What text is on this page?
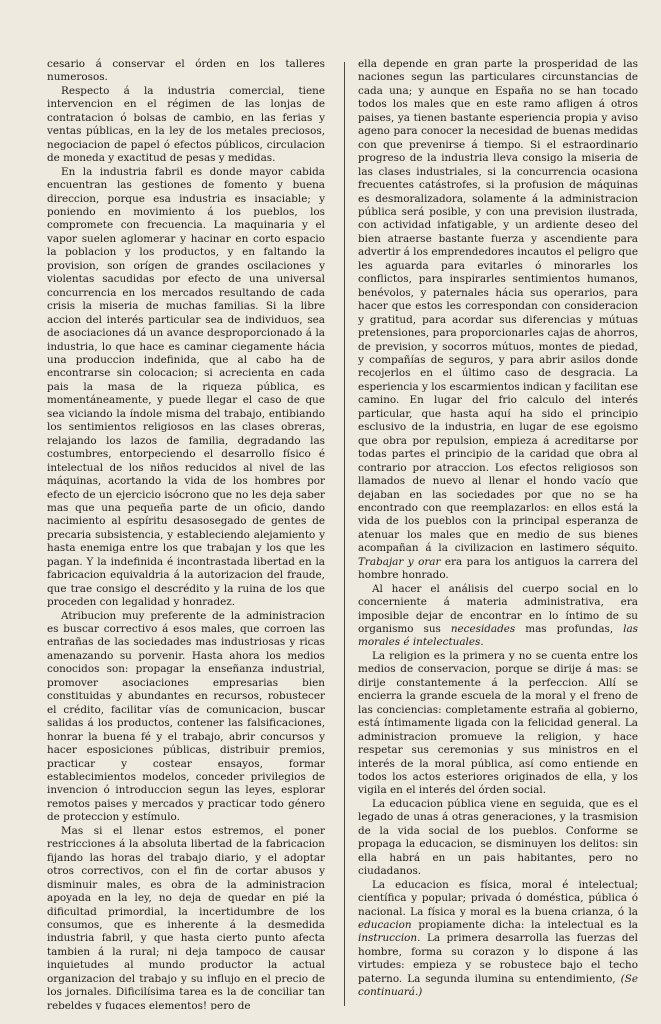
cesario á conservar el órden en los talleres numerosos.

Respecto á la industria comercial, tiene intervencion en el régimen de las lonjas de contratacion ó bolsas de cambio, en las ferias y ventas públicas, en la ley de los metales preciosos, negociacion de papel ó efectos públicos, circulacion de moneda y exactitud de pesas y medidas.

En la industria fabril es donde mayor cabida encuentran las gestiones de fomento y buena direccion, porque esa industria es insaciable; y poniendo en movimiento á los pueblos, los compromete con frecuencia. La maquinaria y el vapor suelen aglomerar y hacinar en corto espacio la poblacion y los productos, y en faltando la provision, son orígen de grandes oscilaciones y violentas sacudidas por efecto de una universal concurrencia en los mercados resultando de cada crisis la miseria de muchas familias. Si la libre accion del interés particular sea de individuos, sea de asociaciones dá un avance desproporcionado á la industria, lo que hace es caminar ciegamente hácia una produccion indefinida, que al cabo ha de encontrarse sin colocacion; si acrecienta en cada pais la masa de la riqueza pública, es momentáneamente, y puede llegar el caso de que sea viciando la índole misma del trabajo, entibiando los sentimientos religiosos en las clases obreras, relajando los lazos de familia, degradando las costumbres, entorpeciendo el desarrollo físico é intelectual de los niños reducidos al nivel de las máquinas, acortando la vida de los hombres por efecto de un ejercicio isócrono que no les deja saber mas que una pequeña parte de un oficio, dando nacimiento al espíritu desasosegado de gentes de precaria subsistencia, y estableciendo alejamiento y hasta enemiga entre los que trabajan y los que les pagan. Y la indefinida é incontrastada libertad en la fabricacion equivaldria á la autorizacion del fraude, que trae consigo el descrédito y la ruina de los que proceden con legalidad y honradez.

Atribucion muy preferente de la administracion es buscar correctivo á esos males, que corroen las entrañas de las sociedades mas industriosas y ricas amenazando su porvenir. Hasta ahora los medios conocidos son: propagar la enseñanza industrial, promover asociaciones empresarias bien constituidas y abundantes en recursos, robustecer el crédito, facilitar vías de comunicacion, buscar salidas á los productos, contener las falsificaciones, honrar la buena fé y el trabajo, abrir concursos y hacer esposiciones públicas, distribuir premios, practicar y costear ensayos, formar establecimientos modelos, conceder privilegios de invencion ó introduccion segun las leyes, esplorar remotos paises y mercados y practicar todo género de proteccion y estímulo.

Mas si el llenar estos estremos, el poner restricciones á la absoluta libertad de la fabricacion fijando las horas del trabajo diario, y el adoptar otros correctivos, con el fin de cortar abusos y disminuir males, es obra de la administracion apoyada en la ley, no deja de quedar en pié la dificultad primordial, la incertidumbre de los consumos, que es inherente á la desmedida industria fabril, y que hasta cierto punto afecta tambien á la rural; ni deja tampoco de causar inquietudes al mundo productor la actual organizacion del trabajo y su influjo en el precio de los jornales. Dificilísima tarea es la de conciliar tan rebeldes y fugaces elementos! pero de

ella depende en gran parte la prosperidad de las naciones segun las particulares circunstancias de cada una; y aunque en España no se han tocado todos los males que en este ramo afligen á otros paises, ya tienen bastante esperiencia propia y aviso ageno para conocer la necesidad de buenas medidas con que prevenirse á tiempo. Si el estraordinario progreso de la industria lleva consigo la miseria de las clases industriales, si la concurrencia ocasiona frecuentes catástrofes, si la profusion de máquinas es desmoralizadora, solamente á la administracion pública será posible, y con una prevision ilustrada, con actividad infatigable, y un ardiente deseo del bien atraerse bastante fuerza y ascendiente para advertir á los emprendedores incautos el peligro que les aguarda para evitarles ó minorarles los conflictos, para inspirarles sentimientos humanos, benévolos, y paternales hácia sus operarios, para hacer que estos les correspondan con consideracion y gratitud, para acordar sus diferencias y mútuas pretensiones, para proporcionarles cajas de ahorros, de prevision, y socorros mútuos, montes de piedad, y compañías de seguros, y para abrir asilos donde recojerlos en el último caso de desgracia. La esperiencia y los escarmientos indican y facilitan ese camino. En lugar del frio calculo del interés particular, que hasta aquí ha sido el principio esclusivo de la industria, en lugar de ese egoismo que obra por repulsion, empieza á acreditarse por todas partes el principio de la caridad que obra al contrario por atraccion. Los efectos religiosos son llamados de nuevo al llenar el hondo vacío que dejaban en las sociedades por que no se ha encontrado con que reemplazarlos: en ellos está la vida de los pueblos con la principal esperanza de atenuar los males que en medio de sus bienes acompañan á la civilizacion en lastimero séquito. Trabajar y orar era para los antiguos la carrera del hombre honrado.

Al hacer el análisis del cuerpo social en lo concerniente á materia administrativa, era imposible dejar de encontrar en lo íntimo de su organismo sus necesidades mas profundas, las morales é intelectuales.

La religion es la primera y no se cuenta entre los medios de conservacion, porque se dirije á mas: se dirije constantemente á la perfeccion. Allí se encierra la grande escuela de la moral y el freno de las conciencias: completamente estraña al gobierno, está íntimamente ligada con la felicidad general. La administracion promueve la religion, y hace respetar sus ceremonias y sus ministros en el interés de la moral pública, así como entiende en todos los actos esteriores originados de ella, y los vigila en el interés del órden social.

La educacion pública viene en seguida, que es el legado de unas á otras generaciones, y la trasmision de la vida social de los pueblos. Conforme se propaga la educacion, se disminuyen los delitos: sin ella habrá en un pais habitantes, pero no ciudadanos.

La educacion es física, moral é intelectual; científica y popular; privada ó doméstica, pública ó nacional. La física y moral es la buena crianza, ó la educacion propiamente dicha: la intelectual es la instruccion. La primera desarrolla las fuerzas del hombre, forma su corazon y lo dispone á las virtudes: empieza y se robustece bajo el techo paterno. La segunda ilumina su entendimiento, (Se continuará.)
